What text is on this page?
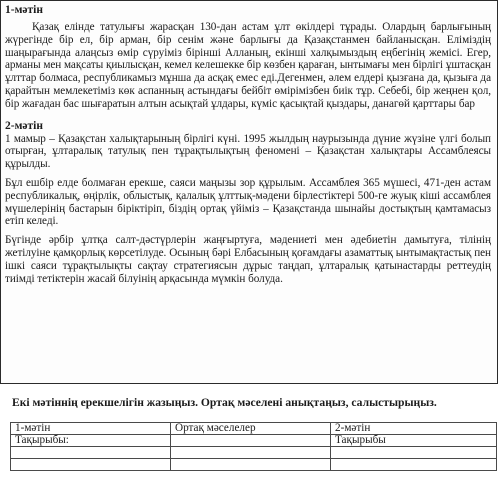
1-мәтін

Қазақ елінде татулығы жарасқан 130-дан астам ұлт өкілдері тұрады. Олардың барлығының жүрегінде бір ел, бір арман, бір сенім және барлығы да Қазақстанмен байланысқан. Еліміздің шаңырағында алаңсыз өмір сүруіміз бірінші Алланың, екінші халқымыздың еңбегінің жемісі. Егер, арманы мен мақсаты қиылысқан, кемел келешекке бір көзбен қараған, ынтымағы мен бірлігі ұштасқан ұлттар болмаса, республикамыз мұнша да асқақ емес еді.Дегенмен, әлем елдері қызғана да, қызыға да қарайтын мемлекетіміз көк аспанның астындағы бейбіт өмірімізбен биік тұр. Себебі, бір жеңнен қол, бір жағадан бас шығаратын алтын асықтай ұлдары, күміс қасықтай қыздары, данагөй қарттары бар

2-мәтін

1 мамыр – Қазақстан халықтарының бірлігі күні. 1995 жылдың наурызында дүние жүзіне үлгі болып отырған, ұлтаралық татулық пен тұрақтылықтың феномені – Қазақстан халықтары Ассамблеясы құрылды.

Бұл ешбір елде болмаған ерекше, саяси маңызы зор құрылым. Ассамблея 365 мүшесі, 471-ден астам республикалық, өңірлік, облыстық, қалалық ұлттық-мәдени бірлестіктері 500-ге жуық кіші ассамблея мүшелерінің бастарын біріктіріп, біздің ортақ үйіміз – Қазақстанда шынайы достықтың қамтамасыз етіп келеді.

Бүгінде әрбір ұлтқа салт-дәстүрлерін жаңғыртуға, мәдениеті мен әдебиетін дамытуға, тілінің жетілуіне қамқорлық көрсетілуде. Осының бәрі Елбасының қоғамдағы азаматтық ынтымақтастық пен ішкі саяси тұрақтылықты сақтау стратегиясын дұрыс таңдап, ұлтаралық қатынастарды реттеудің тиімді тетіктерін жасай білуінің арқасында мүмкін болуда.

Екі мәтіннің ерекшелігін жазыңыз. Ортақ мәселені анықтаңыз, салыстырыңыз.
1-мәтін	Ортақ мәселелер	2-мәтін
Тақырыбы:		Тақырыбы
